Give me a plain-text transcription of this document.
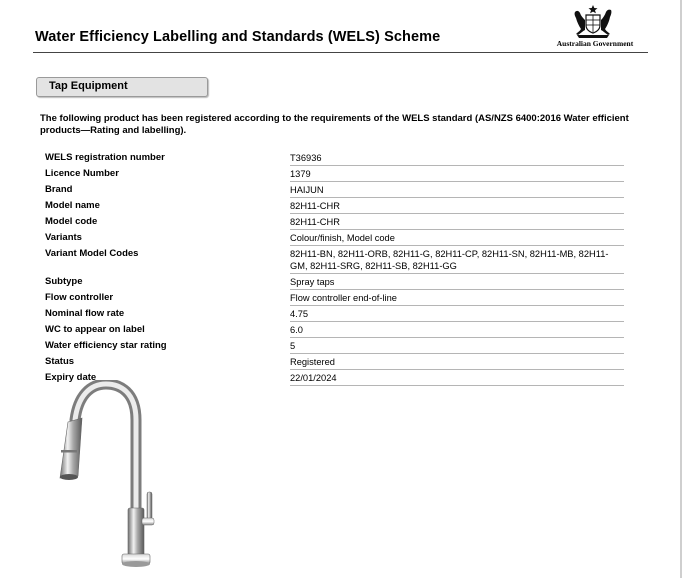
Water Efficiency Labelling and Standards (WELS) Scheme	Australian Government
Tap Equipment
The following product has been registered according to the requirements of the WELS standard (AS/NZS 6400:2016 Water efficient products—Rating and labelling).
WELS registration number	T36936
Licence Number	1379
Brand	HAIJUN
Model name	82H11-CHR
Model code	82H11-CHR
Variants	Colour/finish, Model code
Variant Model Codes	82H11-BN, 82H11-ORB, 82H11-G, 82H11-CP, 82H11-SN, 82H11-MB, 82H11-GM, 82H11-SRG, 82H11-SB, 82H11-GG
Subtype	Spray taps
Flow controller	Flow controller end-of-line
Nominal flow rate	4.75
WC to appear on label	6.0
Water efficiency star rating	5
Status	Registered
Expiry date	22/01/2024
